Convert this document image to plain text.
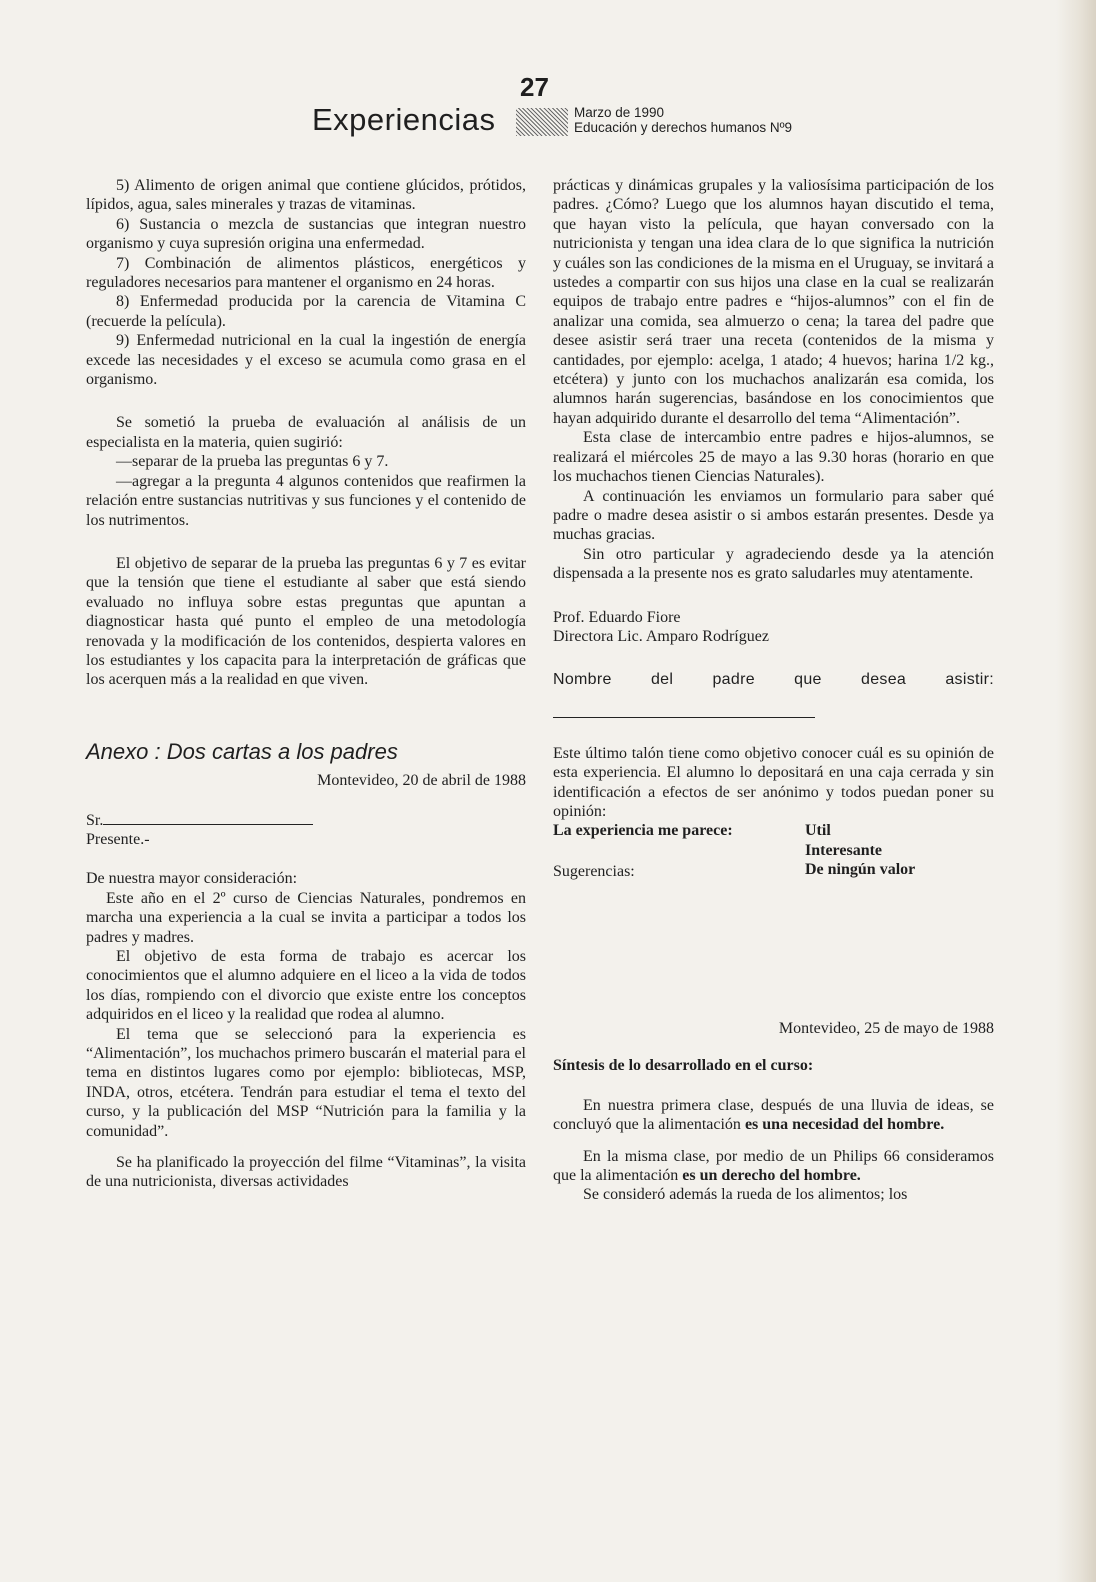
27
Experiencias	Marzo de 1990
Educación y derechos humanos Nº9

5) Alimento de origen animal que contiene glúcidos, prótidos, lípidos, agua, sales minerales y trazas de vitaminas.

6) Sustancia o mezcla de sustancias que integran nuestro organismo y cuya supresión origina una enfermedad.

7) Combinación de alimentos plásticos, energéticos y reguladores necesarios para mantener el organismo en 24 horas.

8) Enfermedad producida por la carencia de Vitamina C (recuerde la película).

9) Enfermedad nutricional en la cual la ingestión de energía excede las necesidades y el exceso se acumula como grasa en el organismo.

Se sometió la prueba de evaluación al análisis de un especialista en la materia, quien sugirió:

—separar de la prueba las preguntas 6 y 7.

—agregar a la pregunta 4 algunos contenidos que reafirmen la relación entre sustancias nutritivas y sus funciones y el contenido de los nutrimentos.

El objetivo de separar de la prueba las preguntas 6 y 7 es evitar que la tensión que tiene el estudiante al saber que está siendo evaluado no influya sobre estas preguntas que apuntan a diagnosticar hasta qué punto el empleo de una metodología renovada y la modificación de los contenidos, despierta valores en los estudiantes y los capacita para la interpretación de gráficas que los acerquen más a la realidad en que viven.

Anexo : Dos cartas a los padres

Montevideo, 20 de abril de 1988

Sr.

Presente.-

De nuestra mayor consideración:

Este año en el 2º curso de Ciencias Naturales, pondremos en marcha una experiencia a la cual se invita a participar a todos los padres y madres.

El objetivo de esta forma de trabajo es acercar los conocimientos que el alumno adquiere en el liceo a la vida de todos los días, rompiendo con el divorcio que existe entre los conceptos adquiridos en el liceo y la realidad que rodea al alumno.

El tema que se seleccionó para la experiencia es “Alimentación”, los muchachos primero buscarán el material para el tema en distintos lugares como por ejemplo: bibliotecas, MSP, INDA, otros, etcétera. Tendrán para estudiar el tema el texto del curso, y la publicación del MSP “Nutrición para la familia y la comunidad”.

Se ha planificado la proyección del filme “Vitaminas”, la visita de una nutricionista, diversas actividades

prácticas y dinámicas grupales y la valiosísima participación de los padres. ¿Cómo? Luego que los alumnos hayan discutido el tema, que hayan visto la película, que hayan conversado con la nutricionista y tengan una idea clara de lo que significa la nutrición y cuáles son las condiciones de la misma en el Uruguay, se invitará a ustedes a compartir con sus hijos una clase en la cual se realizarán equipos de trabajo entre padres e “hijos-alumnos” con el fin de analizar una comida, sea almuerzo o cena; la tarea del padre que desee asistir será traer una receta (contenidos de la misma y cantidades, por ejemplo: acelga, 1 atado; 4 huevos; harina 1/2 kg., etcétera) y junto con los muchachos analizarán esa comida, los alumnos harán sugerencias, basándose en los conocimientos que hayan adquirido durante el desarrollo del tema “Alimentación”.

Esta clase de intercambio entre padres e hijos-alumnos, se realizará el miércoles 25 de mayo a las 9.30 horas (horario en que los muchachos tienen Ciencias Naturales).

A continuación les enviamos un formulario para saber qué padre o madre desea asistir o si ambos estarán presentes. Desde ya muchas gracias.

Sin otro particular y agradeciendo desde ya la atención dispensada a la presente nos es grato saludarles muy atentamente.

Prof. Eduardo Fiore

Directora Lic. Amparo Rodríguez

Nombre del padre que desea asistir:

Este último talón tiene como objetivo conocer cuál es su opinión de esta experiencia. El alumno lo depositará en una caja cerrada y sin identificación a efectos de ser anónimo y todos puedan poner su opinión:

La experiencia me parece:	Util
Interesante
De ningún valor

Sugerencias:

Montevideo, 25 de mayo de 1988

Síntesis de lo desarrollado en el curso:

En nuestra primera clase, después de una lluvia de ideas, se concluyó que la alimentación es una necesidad del hombre.

En la misma clase, por medio de un Philips 66 consideramos que la alimentación es un derecho del hombre.

Se consideró además la rueda de los alimentos; los
